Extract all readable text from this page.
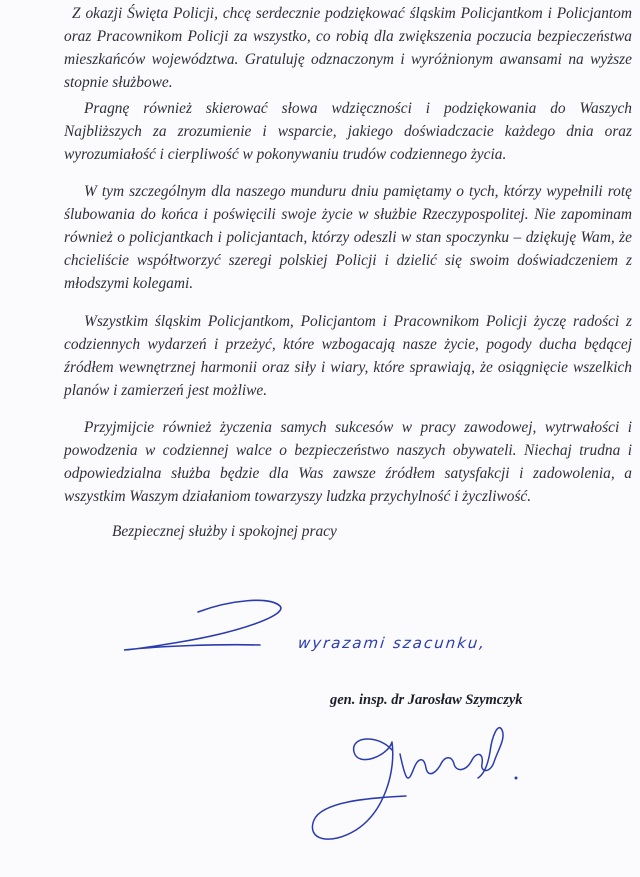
Z okazji Święta Policji, chcę serdecznie podziękować śląskim Policjantkom i Policjantom oraz Pracownikom Policji za wszystko, co robią dla zwiększenia poczucia bezpieczeństwa mieszkańców województwa. Gratuluję odznaczonym i wyróżnionym awansami na wyższe stopnie służbowe.

Pragnę również skierować słowa wdzięczności i podziękowania do Waszych Najbliższych za zrozumienie i wsparcie, jakiego doświadczacie każdego dnia oraz wyrozumiałość i cierpliwość w pokonywaniu trudów codziennego życia.

W tym szczególnym dla naszego munduru dniu pamiętamy o tych, którzy wypełnili rotę ślubowania do końca i poświęcili swoje życie w służbie Rzeczypospolitej. Nie zapominam również o policjantkach i policjantach, którzy odeszli w stan spoczynku – dziękuję Wam, że chcieliście współtworzyć szeregi polskiej Policji i dzielić się swoim doświadczeniem z młodszymi kolegami.

Wszystkim śląskim Policjantkom, Policjantom i Pracownikom Policji życzę radości z codziennych wydarzeń i przeżyć, które wzbogacają nasze życie, pogody ducha będącej źródłem wewnętrznej harmonii oraz siły i wiary, które sprawiają, że osiągnięcie wszelkich planów i zamierzeń jest możliwe.

Przyjmijcie również życzenia samych sukcesów w pracy zawodowej, wytrwałości i powodzenia w codziennej walce o bezpieczeństwo naszych obywateli. Niechaj trudna i odpowiedzialna służba będzie dla Was zawsze źródłem satysfakcji i zadowolenia, a wszystkim Waszym działaniom towarzyszy ludzka przychylność i życzliwość.

Bezpiecznej służby i spokojnej pracy

wyrazami szacunku,

gen. insp. dr Jarosław Szymczyk
